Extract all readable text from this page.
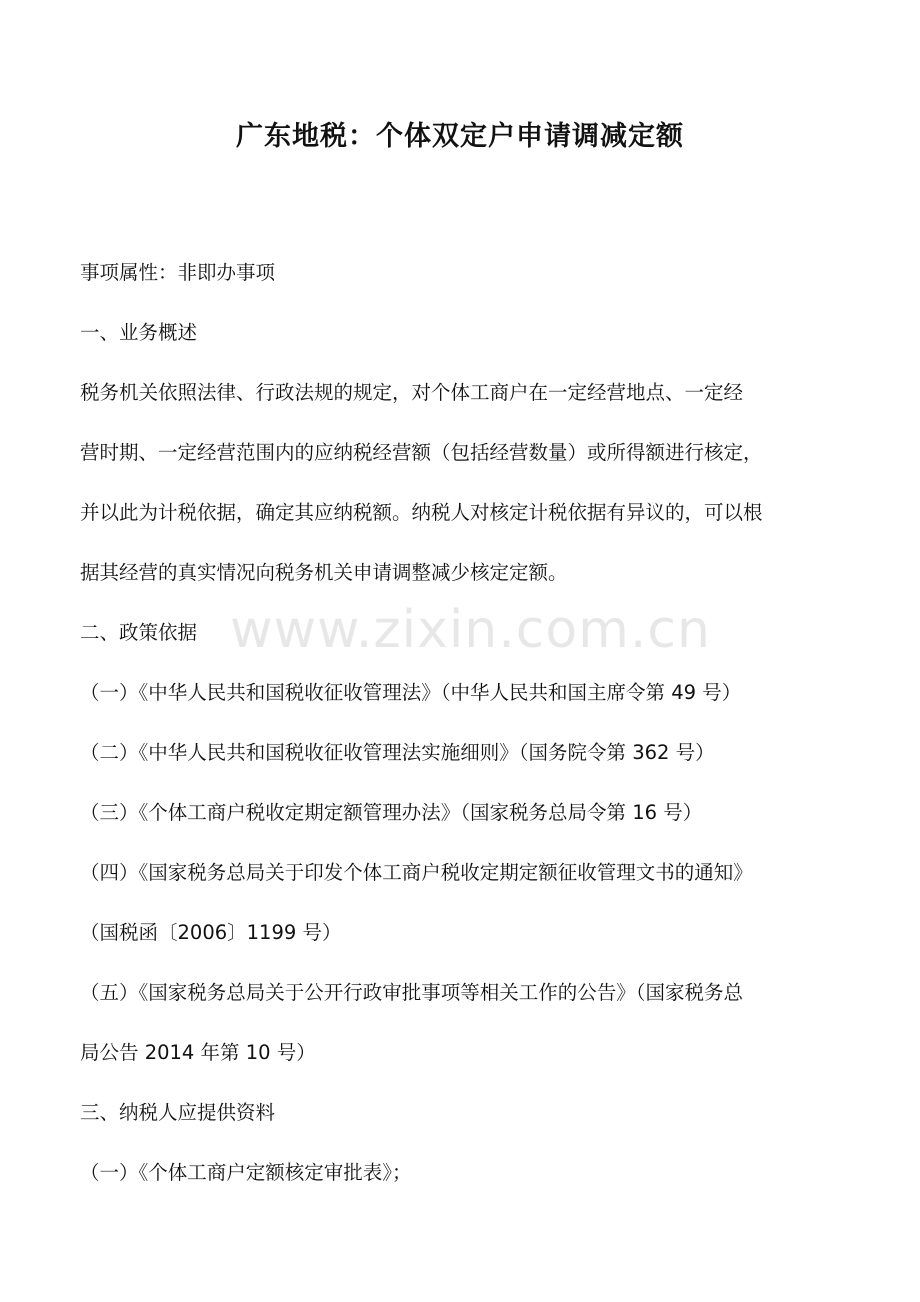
广东地税：个体双定户申请调减定额
www.zixin.com.cn
事项属性：非即办事项
一、业务概述
税务机关依照法律、行政法规的规定，对个体工商户在一定经营地点、一定经
营时期、一定经营范围内的应纳税经营额（包括经营数量）或所得额进行核定，
并以此为计税依据，确定其应纳税额。纳税人对核定计税依据有异议的，可以根
据其经营的真实情况向税务机关申请调整减少核定定额。
二、政策依据
（一）《中华人民共和国税收征收管理法》（中华人民共和国主席令第 49 号）
（二）《中华人民共和国税收征收管理法实施细则》（国务院令第 362 号）
（三）《个体工商户税收定期定额管理办法》（国家税务总局令第 16 号）
（四）《国家税务总局关于印发个体工商户税收定期定额征收管理文书的通知》
（国税函〔2006〕1199 号）
（五）《国家税务总局关于公开行政审批事项等相关工作的公告》（国家税务总
局公告 2014 年第 10 号）
三、纳税人应提供资料
（一）《个体工商户定额核定审批表》；
